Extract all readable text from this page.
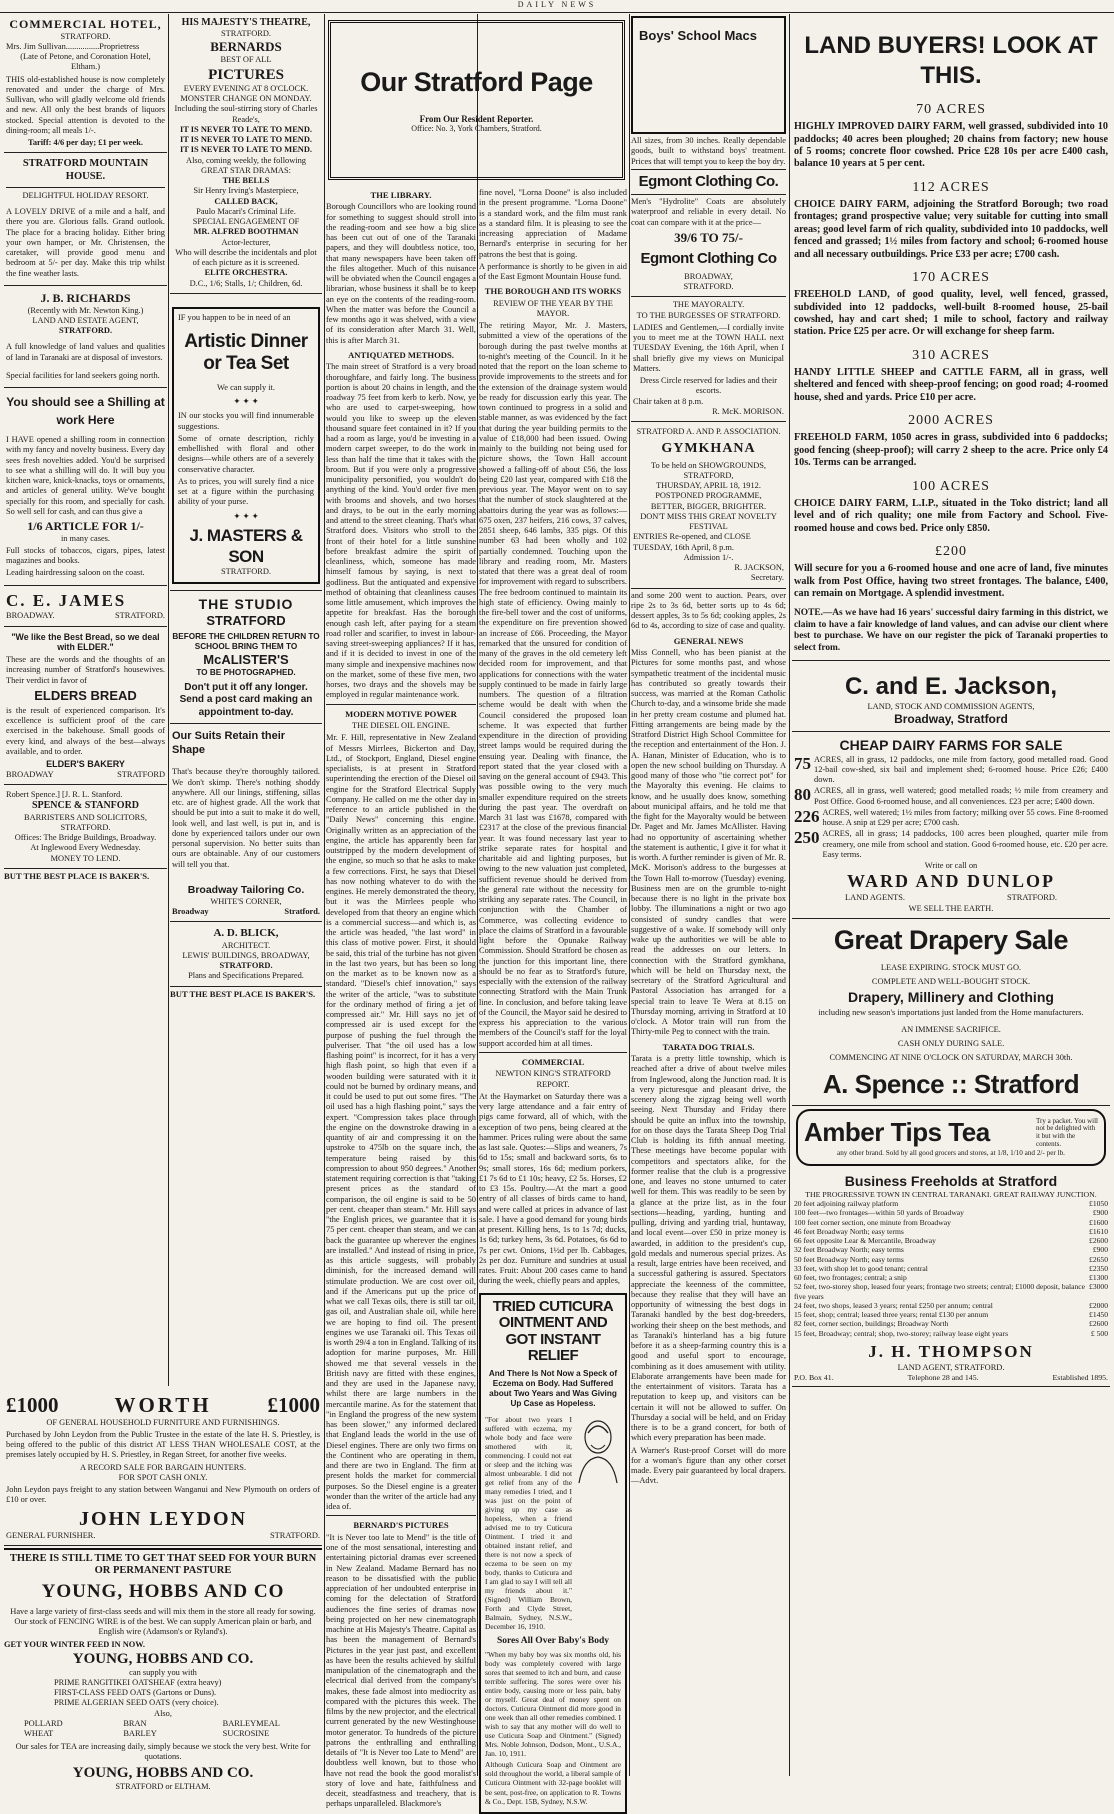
DAILY NEWS
COMMERCIAL HOTEL,
STRATFORD.
Mrs. Jim Sullivan................Proprietress
(Late of Petone, and Coronation Hotel, Eltham.)

THIS old-established house is now completely renovated and under the charge of Mrs. Sullivan, who will gladly welcome old friends and new. All only the best brands of liquors stocked. Special attention is devoted to the dining-room; all meals 1/-.

Tariff: 4/6 per day; £1 per week.
STRATFORD MOUNTAIN HOUSE.
DELIGHTFUL HOLIDAY RESORT.

A LOVELY DRIVE of a mile and a half, and there you are. Glorious falls. Grand outlook. The place for a bracing holiday. Either bring your own hamper, or Mr. Christensen, the caretaker, will provide good menu and bedroom at 5/- per day. Make this trip whilst the fine weather lasts.

J. B. RICHARDS
(Recently with Mr. Newton King.)
LAND AND ESTATE AGENT,
STRATFORD.

A full knowledge of land values and qualities of land in Taranaki are at disposal of investors.

Special facilities for land seekers going north.

You should see a Shilling at work Here

I HAVE opened a shilling room in connection with my fancy and novelty business. Every day sees fresh novelties added. You'd be surprised to see what a shilling will do. It will buy you kitchen ware, knick-knacks, toys or ornaments, and articles of general utility. We've bought specially for this room, and specially for cash. So well sell for cash, and can thus give a

1/6 ARTICLE FOR 1/-
in many cases.

Full stocks of tobaccos, cigars, pipes, latest magazines and books.

Leading hairdressing saloon on the coast.

C. E. JAMES
BROADWAY.	STRATFORD.
"We like the Best Bread, so we deal with ELDER."

These are the words and the thoughts of an increasing number of Stratford's housewives. Their verdict in favor of

ELDERS BREAD

is the result of experienced comparison. It's excellence is sufficient proof of the care exercised in the bakehouse. Small goods of every kind, and always of the best—always available, and to order.

ELDER'S BAKERY
BROADWAY	STRATFORD
Robert Spence.] [J. R. L. Stanford.
SPENCE & STANFORD
BARRISTERS AND SOLICITORS,
STRATFORD.
Offices: The Bridge Buildings, Broadway.
At Inglewood Every Wednesday.
MONEY TO LEND.
BUT THE BEST PLACE IS BAKER'S.
HIS MAJESTY'S THEATRE,
STRATFORD.
BERNARDS
BEST OF ALL
PICTURES
EVERY EVENING AT 8 O'CLOCK.
MONSTER CHANGE ON MONDAY.
Including the soul-stirring story of Charles Reade's,
IT IS NEVER TO LATE TO MEND.
IT IS NEVER TO LATE TO MEND.
IT IS NEVER TO LATE TO MEND.
Also, coming weekly, the following GREAT STAR DRAMAS:
THE BELLS
Sir Henry Irving's Masterpiece,
CALLED BACK,
Paulo Macari's Criminal Life.
SPECIAL ENGAGEMENT OF
MR. ALFRED BOOTHMAN
Actor-lecturer,
Who will describe the incidentals and plot of each picture as it is screened.
ELITE ORCHESTRA.
D.C., 1/6; Stalls, 1/; Children, 6d.
IF you happen to be in need of an
Artistic Dinner or Tea Set
We can supply it.
✦ ✦ ✦

IN our stocks you will find innumerable suggestions.

Some of ornate description, richly embellished with floral and other designs—while others are of a severely conservative character.

As to prices, you will surely find a nice set at a figure within the purchasing ability of your purse.

✦ ✦ ✦
J. MASTERS & SON
STRATFORD.
THE STUDIO
STRATFORD
BEFORE THE CHILDREN RETURN TO SCHOOL BRING THEM TO
McALISTER'S
TO BE PHOTOGRAPHED.
Don't put it off any longer. Send a post card making an appointment to-day.
Our Suits Retain their Shape

That's because they're thoroughly tailored. We don't skimp. There's nothing shoddy anywhere. All our linings, stiffening, sillas etc. are of highest grade. All the work that should be put into a suit to make it do well, look well, and last well, is put in, and is done by experienced tailors under our own personal supervision. No better suits than ours are obtainable. Any of our customers will tell you that.

Broadway Tailoring Co.
WHITE'S CORNER,
Broadway	Stratford.
A. D. BLICK,
ARCHITECT.
LEWIS' BUILDINGS, BROADWAY,
STRATFORD.
Plans and Specifications Prepared.
BUT THE BEST PLACE IS BAKER'S.
£1000	WORTH	£1000
OF GENERAL HOUSEHOLD FURNITURE AND FURNISHINGS.

Purchased by John Leydon from the Public Trustee in the estate of the late H. S. Priestley, is being offered to the public of this district AT LESS THAN WHOLESALE COST, at the premises lately occupied by H. S. Priestley, in Regan Street, for another five weeks.

A RECORD SALE FOR BARGAIN HUNTERS.
FOR SPOT CASH ONLY.

John Leydon pays freight to any station between Wanganui and New Plymouth on orders of £10 or over.

JOHN LEYDON
GENERAL FURNISHER.	STRATFORD.
THERE IS STILL TIME TO GET THAT SEED FOR YOUR BURN OR PERMANENT PASTURE
YOUNG, HOBBS AND CO
Have a large variety of first-class seeds and will mix them in the store all ready for sowing.
Our stock of FENCING WIRE is of the best. We can supply American plain or barb, and English wire (Adamson's or Ryland's).
GET YOUR WINTER FEED IN NOW.
YOUNG, HOBBS AND CO.
can supply you with
PRIME RANGITIKEI OATSHEAF (extra heavy)
FIRST-CLASS FEED OATS (Gartons or Duns).
PRIME ALGERIAN SEED OATS (very choice).
Also,
POLLARD	BRAN	BARLEYMEAL
WHEAT	BARLEY	SUCROSINE
Our sales for TEA are increasing daily, simply because we stock the very best. Write for quotations.
YOUNG, HOBBS AND CO.
STRATFORD or ELTHAM.
Our Stratford Page
From Our Resident Reporter.
Office: No. 3, York Chambers, Stratford.
THE LIBRARY.

Borough Councillors who are looking round for something to suggest should stroll into the reading-room and see how a big slice has been cut out of one of the Taranaki papers, and they will doubtless notice, too, that many newspapers have been taken off the files altogether. Much of this nuisance will be obviated when the Council engages a librarian, whose business it shall be to keep an eye on the contents of the reading-room. When the matter was before the Council a few months ago it was shelved, with a view of its consideration after March 31. Well, this is after March 31.

ANTIQUATED METHODS.

The main street of Stratford is a very broad thoroughfare, and fairly long. The business portion is about 20 chains in length, and the roadway 75 feet from kerb to kerb. Now, ye who are used to carpet-sweeping, how would you like to sweep up the eleven thousand square feet contained in it? If you had a room as large, you'd be investing in a modern carpet sweeper, to do the work in less than half the time that it takes with the broom. But if you were only a progressive municipality personified, you wouldn't do anything of the kind. You'd order five men with brooms and shovels, and two horses and drays, to be out in the early morning and attend to the street cleaning. That's what Stratford does. Visitors who stroll to the front of their hotel for a little sunshine before breakfast admire the spirit of cleanliness, which, someone has made himself famous by saying, is next to godliness. But the antiquated and expensive method of obtaining that cleanliness causes some little amusement, which improves the appetite for breakfast. Has the borough enough cash left, after paying for a steam road roller and scarifier, to invest in labour-saving street-sweeping appliances? If it has, and if it is decided to invest in one of the many simple and inexpensive machines now on the market, some of these five men, two horses, two drays and the shovels may be employed in regular maintenance work.

MODERN MOTIVE POWER
THE DIESEL OIL ENGINE.

Mr. F. Hill, representative in New Zealand of Messrs Mirrlees, Bickerton and Day, Ltd., of Stockport, England, Diesel engine specialists, is at present in Stratford superintending the erection of the Diesel oil engine for the Stratford Electrical Supply Company. He called on me the other day in reference to an article published in the "Daily News" concerning this engine. Originally written as an appreciation of the engine, the article has apparently been far outstripped by the modern development of the engine, so much so that he asks to make a few corrections. First, he says that Diesel has now nothing whatever to do with the engines. He merely demonstrated the theory, but it was the Mirrlees people who developed from that theory an engine which is a commercial success—and which is, as the article was headed, "the last word" in this class of motive power. First, it should be said, this trial of the turbine has not given in the last two years, but has been so long on the market as to be known now as a standard. "Diesel's chief innovation," says the writer of the article, "was to substitute for the ordinary method of firing a jet of compressed air." Mr. Hill says no jet of compressed air is used except for the purpose of pushing the fuel through the pulveriser. That "the oil used has a low flashing point" is incorrect, for it has a very high flash point, so high that even if a wooden building were saturated with it it could not be burned by ordinary means, and it could be used to put out some fires. "The oil used has a high flashing point," says the expert. "Compression takes place through the engine on the downstroke drawing in a quantity of air and compressing it on the upstroke to 475lb on the square inch, the temperature being raised by this compression to about 950 degrees." Another statement requiring correction is that "taking present prices as the standard of comparison, the oil engine is said to be 50 per cent. cheaper than steam." Mr. Hill says "the English prices, we guarantee that it is 75 per cent. cheaper than steam, and we can back the guarantee up wherever the engines are installed." And instead of rising in price, as this article suggests, will probably diminish, for the increased demand will stimulate production. We are cost over oil, and if the Americans put up the price of what we call Texas oils, there is still tar oil, gas oil, and Australian shale oil, while here we are hoping to find oil. The present engines we use Taranaki oil. This Texas oil is worth 29/4 a ton in England. Talking of its adoption for marine purposes, Mr. Hill showed me that several vessels in the British navy are fitted with these engines, and they are used in the Japanese navy, whilst there are large numbers in the mercantile marine. As for the statement that "in England the progress of the new system has been slower," any informed declared that England leads the world in the use of Diesel engines. There are only two firms on the Continent who are operating in them, and there are two in England. The firm at present holds the market for commercial purposes. So the Diesel engine is a greater wonder than the writer of the article had any idea of.

BERNARD'S PICTURES

"It is Never too late to Mend" is the title of one of the most sensational, interesting and entertaining pictorial dramas ever screened in New Zealand. Madame Bernard has no reason to be dissatisfied with the public appreciation of her undoubted enterprise in coming for the delectation of Stratford audiences the fine series of dramas now being projected on her new cinematograph machine at His Majesty's Theatre. Capital as has been the management of Bernard's Pictures in the year just past, and excellent as have been the results achieved by skilful manipulation of the cinematograph and the electrical dial derived from the company's makes, these fade almost into mediocrity as compared with the pictures this week. The films by the new projector, and the electrical current generated by the new Westinghouse motor generator. To hundreds of the picture patrons the enthralling and enthralling details of "It is Never too Late to Mend" are doubtless well known, but to those who have not read the book the good moralist's story of love and hate, faithfulness and deceit, steadfastness and treachery, that is perhaps unparalleled. Blackmore's

fine novel, "Lorna Doone" is also included in the present programme. "Lorna Doone" is a standard work, and the film must rank as a standard film. It is pleasing to see the increasing appreciation of Madame Bernard's enterprise in securing for her patrons the best that is going.

A performance is shortly to be given in aid of the East Egmont Mountain House fund.

THE BOROUGH AND ITS WORKS
REVIEW OF THE YEAR BY THE MAYOR.

The retiring Mayor, Mr. J. Masters, submitted a view of the operations of the borough during the past twelve months at to-night's meeting of the Council. In it he noted that the report on the loan scheme to provide improvements to the streets and for the extension of the drainage system would be ready for discussion early this year. The town continued to progress in a solid and stable manner, as was evidenced by the fact that during the year building permits to the value of £18,000 had been issued. Owing mainly to the building not being used for picture shows, the Town Hall account showed a falling-off of about £56, the loss being £20 last year, compared with £18 the previous year. The Mayor went on to say that the number of stock slaughtered at the abattoirs during the year was as follows:—675 oxen, 237 heifers, 216 cows, 37 calves, 2851 sheep, 646 lambs, 335 pigs. Of this number 63 had been wholly and 102 partially condemned. Touching upon the library and reading room, Mr. Masters stated that there was a great deal of room for improvement with regard to subscribers. The free bedroom continued to maintain its high state of efficiency. Owing mainly to the fire-bell tower and the cost of uniforms, the expenditure on fire prevention showed an increase of £66. Proceeding, the Mayor remarked that the unsured for condition of many of the graves in the old cemetery left decided room for improvement, and that applications for connections with the water supply continued to be made in fairly large numbers. The question of a filtration scheme would be dealt with when the Council considered the proposed loan scheme. It was expected that further expenditure in the direction of providing street lamps would be required during the ensuing year. Dealing with finance, the report stated that the year closed with a saving on the general account of £943. This was possible owing to the very much smaller expenditure required on the streets during the past year. The overdraft on March 31 last was £1678, compared with £2317 at the close of the previous financial year. It was found necessary last year to strike separate rates for hospital and charitable aid and lighting purposes, but owing to the new valuation just completed, sufficient revenue should be derived from the general rate without the necessity for striking any separate rates. The Council, in conjunction with the Chamber of Commerce, was collecting evidence to place the claims of Stratford in a favourable light before the Opunake Railway Commission. Should Stratford be chosen as the junction for this important line, there should be no fear as to Stratford's future, especially with the extension of the railway connecting Stratford with the Main Trunk line. In conclusion, and before taking leave of the Council, the Mayor said he desired to express his appreciation to the various members of the Council's staff for the loyal support accorded him at all times.

COMMERCIAL
NEWTON KING'S STRATFORD REPORT.

At the Haymarket on Saturday there was a very large attendance and a fair entry of pigs came forward, all of which, with the exception of two pens, being cleared at the hammer. Prices ruling were about the same as last sale. Quotes:—Slips and weaners, 7s 6d to 15s; small and backward sorts, 6s to 9s; small stores, 16s 6d; medium porkers, £1 7s 6d to £1 10s; heavy, £2 5s. Horses, £2 to £3 15s. Poultry.—At the mart a good entry of all classes of birds came to hand, and were called at prices in advance of last sale. I have a good demand for young birds at present. Killing hens, 1s to 1s 7d; ducks, 1s 6d; turkey hens, 3s 6d. Potatoes, 6s 6d to 7s per cwt. Onions, 1½d per lb. Cabbages, 2s per doz. Furniture and sundries at usual rates. Fruit: About 200 cases came to hand during the week, chiefly pears and apples,

TRIED CUTICURA OINTMENT AND GOT INSTANT RELIEF
And There Is Not Now a Speck of Eczema on Body. Had Suffered about Two Years and Was Giving Up Case as Hopeless.

"For about two years I suffered with eczema, my whole body and face were smothered with it, commencing. I could not eat or sleep and the itching was almost unbearable. I did not get relief from any of the many remedies I tried, and I was just on the point of giving up my case as hopeless, when a friend advised me to try Cuticura Ointment. I tried it and obtained instant relief, and there is not now a speck of eczema to be seen on my body, thanks to Cuticura and I am glad to say I will tell all my friends about it." (Signed) William Brown, Forth and Clyde Street, Balmain, Sydney, N.S.W., December 16, 1910.

Sores All Over Baby's Body

"When my baby boy was six months old, his body was completely covered with large sores that seemed to itch and burn, and cause terrible suffering. The sores were over his entire body, causing more or less pain, baby or myself. Great deal of money spent on doctors. Cuticura Ointment did more good in one week than all other remedies combined. I wish to say that any mother will do well to use Cuticura Soap and Ointment." (Signed) Mrs. Noble Johnson, Dodson, Mont., U.S.A., Jan. 10, 1911.

Although Cuticura Soap and Ointment are sold throughout the world, a liberal sample of Cuticura Ointment with 32-page booklet will be sent, post-free, on application to R. Towns & Co., Dept. 15B, Sydney, N.S.W.

Boys' School Macs

All sizes, from 30 inches. Really dependable goods, built to withstand boys' treatment. Prices that will tempt you to keep the boy dry.

Egmont Clothing Co.

Men's "Hydrolite" Coats are absolutely waterproof and reliable in every detail. No coat can compare with it at the price—

39/6 TO 75/-
Egmont Clothing Co
BROADWAY,
STRATFORD.
THE MAYORALTY.
TO THE BURGESSES OF STRATFORD.

LADIES and Gentlemen,—I cordially invite you to meet me at the TOWN HALL next TUESDAY Evening, the 16th April, when I shall briefly give my views on Municipal Matters.

Dress Circle reserved for ladies and their escorts.
Chair taken at 8 p.m.
R. McK. MORISON.
STRATFORD A. AND P. ASSOCIATION.
GYMKHANA
To be held on SHOWGROUNDS, STRATFORD,
THURSDAY, APRIL 18, 1912.
POSTPONED PROGRAMME,
BETTER, BIGGER, BRIGHTER.
DON'T MISS THIS GREAT NOVELTY FESTIVAL
ENTRIES Re-opened, and CLOSE TUESDAY, 16th April, 8 p.m.
Admission 1/-.
R. JACKSON,
Secretary.

and some 200 went to auction. Pears, over ripe 2s to 3s 6d, better sorts up to 4s 6d; dessert apples, 3s to 5s 6d; cooking apples, 2s 6d to 4s, according to size of case and quality.

GENERAL NEWS

Miss Connell, who has been pianist at the Pictures for some months past, and whose sympathetic treatment of the incidental music has contributed so greatly towards their success, was married at the Roman Catholic Church to-day, and a winsome bride she made in her pretty cream costume and plumed hat. Fitting arrangements are being made by the Stratford District High School Committee for the reception and entertainment of the Hon. J. A. Hanan, Minister of Education, who is to open the new school building on Thursday. A good many of those who "tie correct pot" for the Mayoralty this evening. He claims to know, and he usually does know, something about municipal affairs, and he told me that the fight for the Mayoralty would be between Dr. Paget and Mr. James McAllister. Having had no opportunity of ascertaining whether the statement is authentic, I give it for what it is worth. A further reminder is given of Mr. R. McK. Morison's address to the burgesses at the Town Hall to-morrow (Tuesday) evening. Business men are on the grumble to-night because there is no light in the private box lobby. The illuminations a night or two ago consisted of sundry candles that were suggestive of a wake. If somebody will only wake up the authorities we will be able to read the addresses on our letters. In connection with the Stratford gymkhana, which will be held on Thursday next, the secretary of the Stratford Agricultural and Pastoral Association has arranged for a special train to leave Te Wera at 8.15 on Thursday morning, arriving in Stratford at 10 o'clock. A Motor train will run from the Thirty-mile Peg to connect with the train.

TARATA DOG TRIALS.

Tarata is a pretty little township, which is reached after a drive of about twelve miles from Inglewood, along the Junction road. It is a very picturesque and pleasant drive, the scenery along the zigzag being well worth seeing. Next Thursday and Friday there should be quite an influx into the township, for on those days the Tarata Sheep Dog Trial Club is holding its fifth annual meeting. These meetings have become popular with competitors and spectators alike, for the former realise that the club is a progressive one, and leaves no stone unturned to cater well for them. This was readily to be seen by a glance at the prize list, as in the four sections—heading, yarding, hunting and pulling, driving and yarding trial, huntaway, and local event—over £50 in prize money is awarded, in addition to the president's cup, gold medals and numerous special prizes. As a result, large entries have been received, and a successful gathering is assured. Spectators appreciate the keenness of the committee, because they realise that they will have an opportunity of witnessing the best dogs in Taranaki handled by the best dog-breeders, working their sheep on the best methods, and as Taranaki's hinterland has a big future before it as a sheep-farming country this is a good and useful sport to encourage, combining as it does amusement with utility. Elaborate arrangements have been made for the entertainment of visitors. Tarata has a reputation to keep up, and visitors can be certain it will not be allowed to suffer. On Thursday a social will be held, and on Friday there is to be a grand concert, for both of which every preparation has been made.

A Warner's Rust-proof Corset will do more for a woman's figure than any other corset made. Every pair guaranteed by local drapers.—Advt.

LAND BUYERS! LOOK AT THIS.
70 ACRES
HIGHLY IMPROVED DAIRY FARM, well grassed, subdivided into 10 paddocks; 40 acres been ploughed; 20 chains from factory; new house of 5 rooms; concrete floor cowshed. Price £28 10s per acre £400 cash, balance 10 years at 5 per cent.
112 ACRES
CHOICE DAIRY FARM, adjoining the Stratford Borough; two road frontages; grand prospective value; very suitable for cutting into small areas; good level farm of rich quality, subdivided into 10 paddocks, well fenced and grassed; 1½ miles from factory and school; 6-roomed house and all necessary outbuildings. Price £33 per acre; £700 cash.
170 ACRES
FREEHOLD LAND, of good quality, level, well fenced, grassed, subdivided into 12 paddocks, well-built 8-roomed house, 25-bail cowshed, hay and cart shed; 1 mile to school, factory and railway station. Price £25 per acre. Or will exchange for sheep farm.
310 ACRES
HANDY LITTLE SHEEP and CATTLE FARM, all in grass, well sheltered and fenced with sheep-proof fencing; on good road; 4-roomed house, shed and yards. Price £10 per acre.
2000 ACRES
FREEHOLD FARM, 1050 acres in grass, subdivided into 6 paddocks; good fencing (sheep-proof); will carry 2 sheep to the acre. Price only £4 10s. Terms can be arranged.
100 ACRES
CHOICE DAIRY FARM, L.I.P., situated in the Toko district; land all level and of rich quality; one mile from Factory and School. Five-roomed house and cows bed. Price only £850.
£200
Will secure for you a 6-roomed house and one acre of land, five minutes walk from Post Office, having two street frontages. The balance, £400, can remain on Mortgage. A splendid investment.

NOTE.—As we have had 16 years' successful dairy farming in this district, we claim to have a fair knowledge of land values, and can advise our client where best to purchase. We have on our register the pick of Taranaki properties to select from.

C. and E. Jackson,
LAND, STOCK AND COMMISSION AGENTS,
Broadway, Stratford
CHEAP DAIRY FARMS FOR SALE
75 ACRES, all in grass, 12 paddocks, one mile from factory, good metalled road. Good 12-bail cow-shed, six bail and implement shed; 6-roomed house. Price £26; £400 down.
80 ACRES, all in grass, well watered; good metalled roads; ½ mile from creamery and Post Office. Good 6-roomed house, and all conveniences. £23 per acre; £400 down.
226 ACRES, well watered; 1½ miles from factory; milking over 55 cows. Fine 8-roomed house. A snip at £29 per acre; £700 cash.
250 ACRES, all in grass; 14 paddocks, 100 acres been ploughed, quarter mile from creamery, one mile from school and station. Good 6-roomed house, etc. £20 per acre. Easy terms.
Write or call on
WARD AND DUNLOP
LAND AGENTS.	STRATFORD.
WE SELL THE EARTH.
Great Drapery Sale
LEASE EXPIRING. STOCK MUST GO.
COMPLETE AND WELL-BOUGHT STOCK.
Drapery, Millinery and Clothing
including new season's importations just landed from the Home manufacturers.
AN IMMENSE SACRIFICE.
CASH ONLY DURING SALE.
COMMENCING AT NINE O'CLOCK ON SATURDAY, MARCH 30th.
A. Spence :: Stratford
Amber Tips Tea	Try a packet. You will not be delighted with it but with the contents.
any other brand. Sold by all good grocers and stores, at 1/8, 1/10 and 2/- per lb.
Business Freeholds at Stratford
THE PROGRESSIVE TOWN IN CENTRAL TARANAKI. GREAT RAILWAY JUNCTION.
20 feet adjoining railway platform	£1050
100 feet—two frontages—within 50 yards of Broadway	£900
100 feet corner section, one minute from Broadway	£1600
46 feet Broadway North; easy terms	£1610
66 feet opposite Lear & Mercantile, Broadway	£2600
32 feet Broadway North; easy terms	£900
50 feet Broadway North; easy terms	£2650
33 feet, with shop let to good tenant; central	£2350
60 feet, two frontages; central; a snip	£1300
52 feet, two-storey shop, leased four years; frontage two streets; central; £1000 deposit, balance five years	£3000
24 feet, two shops, leased 3 years; rental £250 per annum; central	£2000
15 feet, shop; central; leased three years; rental £130 per annum	£1450
82 feet, corner section, buildings; Broadway North	£2600
15 feet, Broadway; central; shop, two-storey; railway lease eight years	£ 500
J. H. THOMPSON
LAND AGENT, STRATFORD.
P.O. Box 41.	Telephone 28 and 145.	Established 1895.
